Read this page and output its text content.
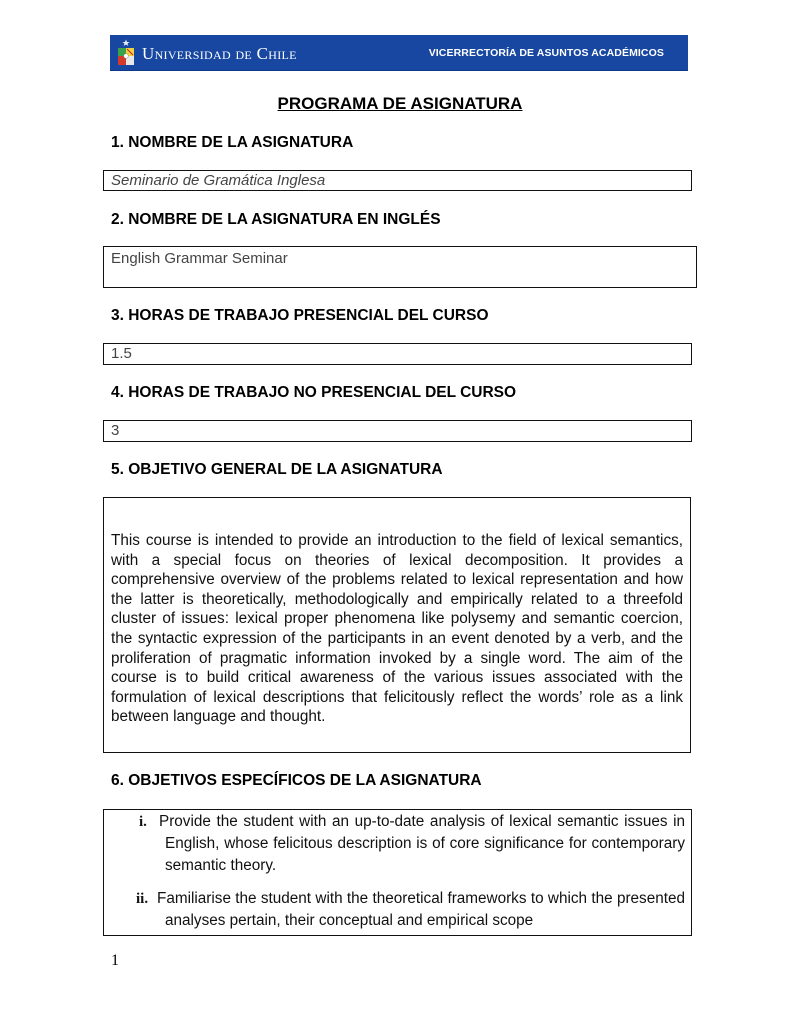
Universidad de Chile	VICERRECTORÍA DE ASUNTOS ACADÉMICOS
PROGRAMA DE ASIGNATURA
1. NOMBRE DE LA ASIGNATURA
Seminario de Gramática Inglesa
2. NOMBRE DE LA ASIGNATURA EN INGLÉS
English Grammar Seminar
3. HORAS DE TRABAJO PRESENCIAL DEL CURSO
1.5
4. HORAS DE TRABAJO NO PRESENCIAL DEL CURSO
3
5. OBJETIVO GENERAL DE LA ASIGNATURA
This course is intended to provide an introduction to the field of lexical semantics, with a special focus on theories of lexical decomposition. It provides a comprehensive overview of the problems related to lexical representation and how the latter is theoretically, methodologically and empirically related to a threefold cluster of issues: lexical proper phenomena like polysemy and semantic coercion, the syntactic expression of the participants in an event denoted by a verb, and the proliferation of pragmatic information invoked by a single word. The aim of the course is to build critical awareness of the various issues associated with the formulation of lexical descriptions that felicitously reflect the words’ role as a link between language and thought.
6. OBJETIVOS ESPECÍFICOS DE LA ASIGNATURA
i. Provide the student with an up-to-date analysis of lexical semantic issues in English, whose felicitous description is of core significance for contemporary semantic theory.
ii. Familiarise the student with the theoretical frameworks to which the presented analyses pertain, their conceptual and empirical scope
1
